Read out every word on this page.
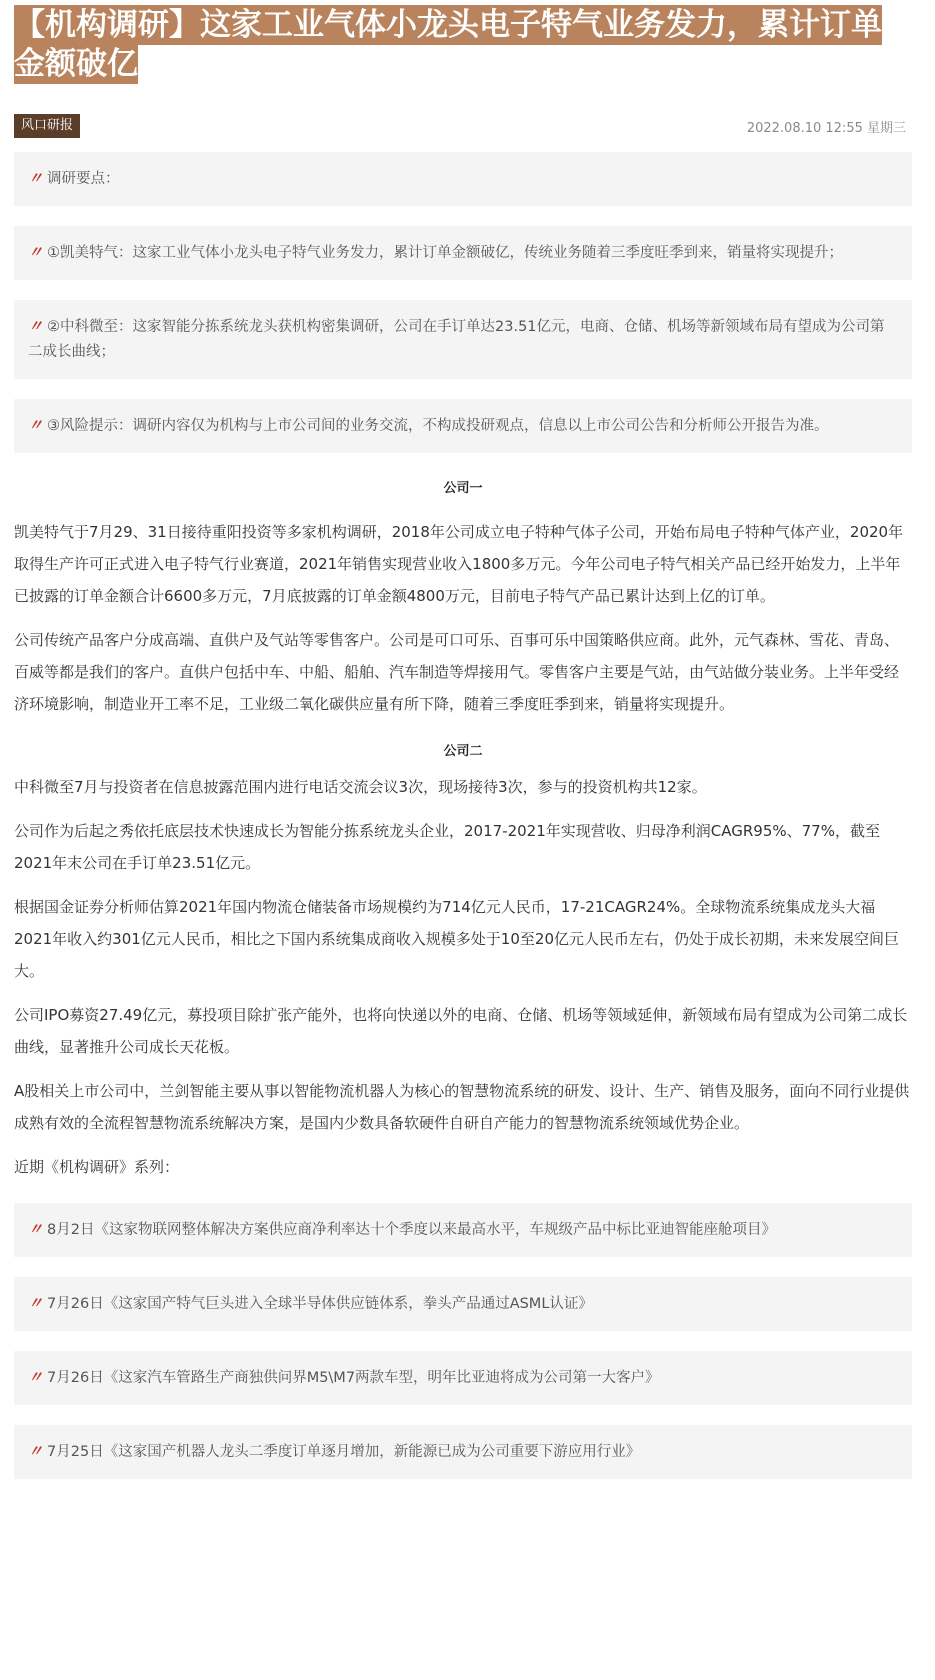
【机构调研】这家工业气体小龙头电子特气业务发力，累计订单金额破亿
风口研报	2022.08.10 12:55 星期三
〃 调研要点：
〃 ①凯美特气：这家工业气体小龙头电子特气业务发力，累计订单金额破亿，传统业务随着三季度旺季到来，销量将实现提升；
〃 ②中科微至：这家智能分拣系统龙头获机构密集调研，公司在手订单达23.51亿元，电商、仓储、机场等新领域布局有望成为公司第二成长曲线；
〃 ③风险提示：调研内容仅为机构与上市公司间的业务交流，不构成投研观点，信息以上市公司公告和分析师公开报告为准。
公司一

凯美特气于7月29、31日接待重阳投资等多家机构调研，2018年公司成立电子特种气体子公司，开始布局电子特种气体产业，2020年取得生产许可正式进入电子特气行业赛道，2021年销售实现营业收入1800多万元。今年公司电子特气相关产品已经开始发力，上半年已披露的订单金额合计6600多万元，7月底披露的订单金额4800万元，目前电子特气产品已累计达到上亿的订单。

公司传统产品客户分成高端、直供户及气站等零售客户。公司是可口可乐、百事可乐中国策略供应商。此外，元气森林、雪花、青岛、百威等都是我们的客户。直供户包括中车、中船、船舶、汽车制造等焊接用气。零售客户主要是气站，由气站做分装业务。上半年受经济环境影响，制造业开工率不足，工业级二氧化碳供应量有所下降，随着三季度旺季到来，销量将实现提升。

公司二

中科微至7月与投资者在信息披露范围内进行电话交流会议3次，现场接待3次，参与的投资机构共12家。

公司作为后起之秀依托底层技术快速成长为智能分拣系统龙头企业，2017-2021年实现营收、归母净利润CAGR95%、77%，截至2021年末公司在手订单23.51亿元。

根据国金证券分析师估算2021年国内物流仓储装备市场规模约为714亿元人民币，17-21CAGR24%。全球物流系统集成龙头大福2021年收入约301亿元人民币，相比之下国内系统集成商收入规模多处于10至20亿元人民币左右，仍处于成长初期，未来发展空间巨大。

公司IPO募资27.49亿元，募投项目除扩张产能外，也将向快递以外的电商、仓储、机场等领域延伸，新领域布局有望成为公司第二成长曲线，显著推升公司成长天花板。

A股相关上市公司中，兰剑智能主要从事以智能物流机器人为核心的智慧物流系统的研发、设计、生产、销售及服务，面向不同行业提供成熟有效的全流程智慧物流系统解决方案，是国内少数具备软硬件自研自产能力的智慧物流系统领域优势企业。

近期《机构调研》系列：

〃 8月2日《这家物联网整体解决方案供应商净利率达十个季度以来最高水平，车规级产品中标比亚迪智能座舱项目》
〃 7月26日《这家国产特气巨头进入全球半导体供应链体系，拳头产品通过ASML认证》
〃 7月26日《这家汽车管路生产商独供问界M5\M7两款车型，明年比亚迪将成为公司第一大客户》
〃 7月25日《这家国产机器人龙头二季度订单逐月增加，新能源已成为公司重要下游应用行业》
